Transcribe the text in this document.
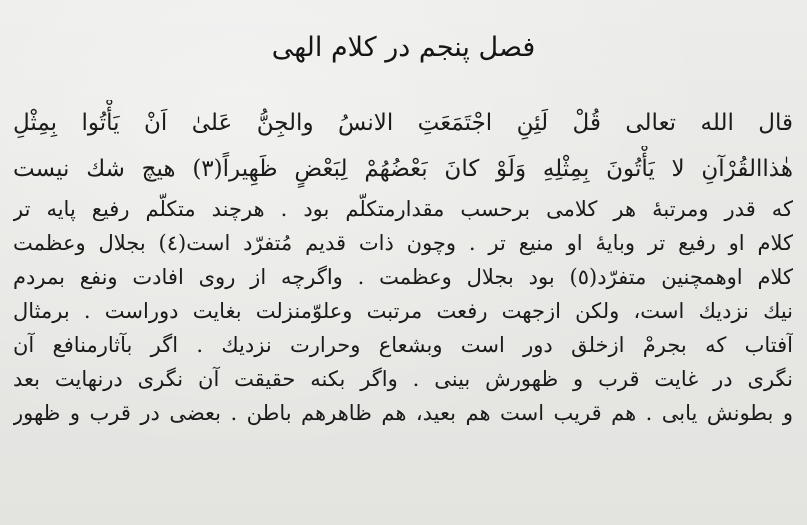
فصل پنجم در كلام الهى
قال الله تعالى قُلْ لَئِنِ اجْتَمَعَتِ الانسُ والجِنُّ عَلىٰ اَنْ يَأْتُوا بِمِثْلِ
هٰذاالقُرْآنِ لا يَأْتُونَ بِمِثْلِهِ وَلَوْ كانَ بَعْضُهُمْ لِبَعْضٍ ظَهِيراً(٣) هيچ شك نيست
كه قدر ومرتبهٔ هر كلامى برحسب مقدارمتكلّم بود . هرچند متكلّم رفيع پايه تر
كلام او رفيع تر وبايهٔ او منيع تر . وچون ذات قديم مُتفرّد است(٤) بجلال وعظمت
كلام اوهمچنين متفرّد(٥) بود بجلال وعظمت . واگرچه از روى افادت ونفع بمردم
نيك نزديك است، ولكن ازجهت رفعت مرتبت وعلوّمنزلت بغايت دوراست . برمثال
آفتاب كه بجرمْ ازخلق دور است وبشعاع وحرارت نزديك . اگر بآثارمنافع آن
نگرى در غايت قرب و ظهورش بينى . واگر بكنه حقيقت آن نگرى درنهايت بعد
و بطونش يابى . هم قريب است هم بعيد، هم ظاهرهم باطن . بعضى در قرب و ظهور
